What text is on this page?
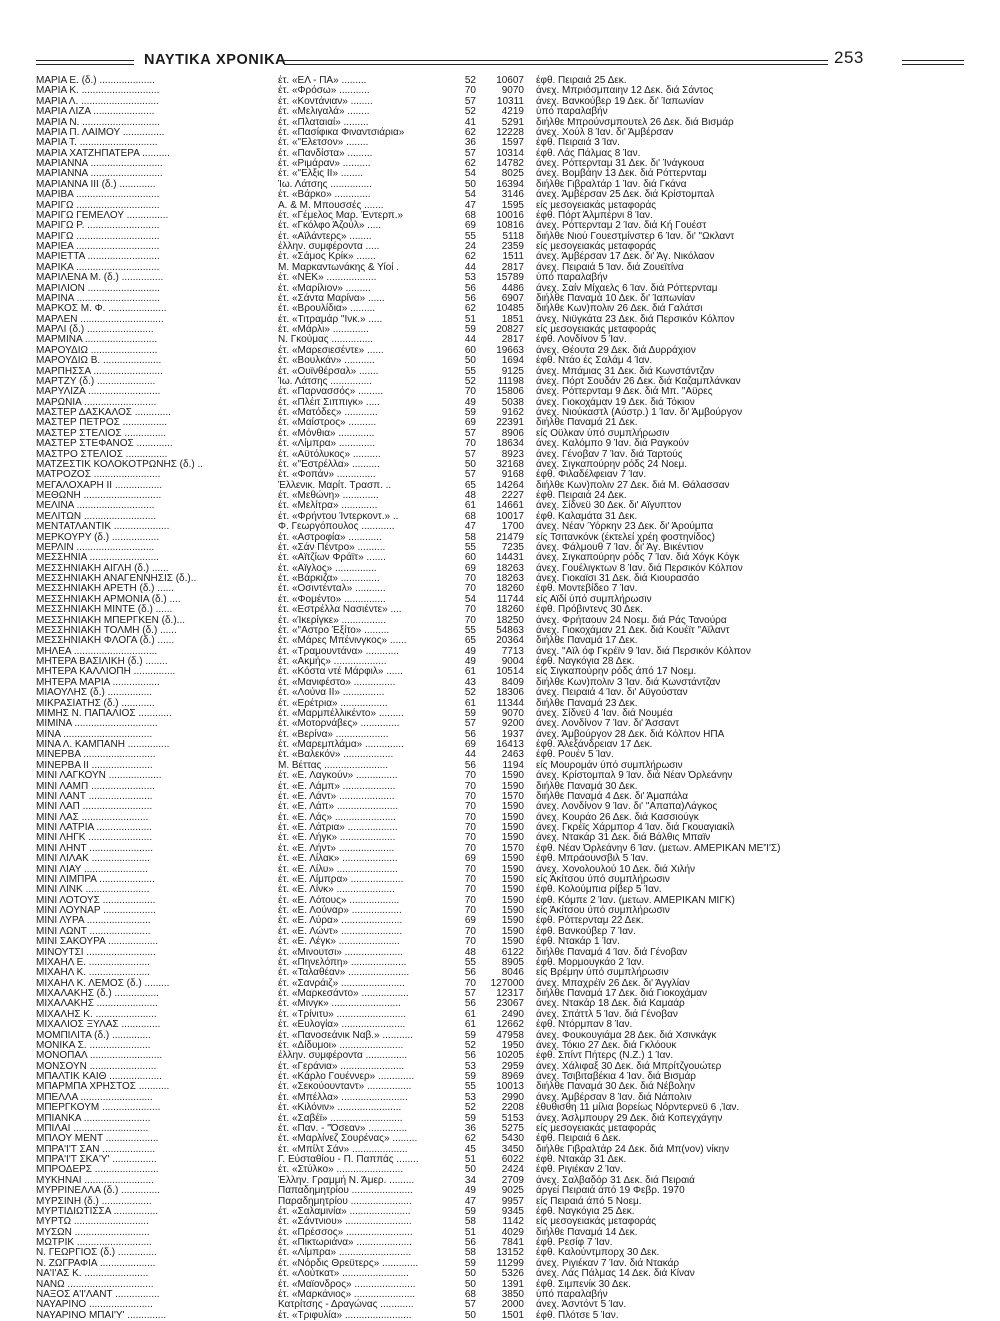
ΝΑΥΤΙΚΑ ΧΡΟΝΙΚΑ	253
ΜΑΡΙΑ Ε. (δ.) ....................	έτ. «ΕΛ - ΠΑ» .........	52	10607 έφθ. Πειραιά 25 Δεκ.
ΜΑΡΙΑ Κ. ............................	έτ. «Φρόσω» ...........	70	9070 άνεχ. Μπριόσμπαιην 12 Δεκ. διά Σάντος
ΜΑΡΙΑ Λ. ............................	έτ. «Κοντάνιαν» ........	57	10311 άνεχ. Βανκούβερ 19 Δεκ. δι' Ίαπωνίαν
ΜΑΡΙΑ ΛΙΖΑ ......................	έτ. «Μελιγαλά» ........	52	4219 ύπό παραλαβήν
ΜΑΡΙΑ Ν. ............................	έτ. «Πλαταιαί» .........	41	5291 διήλθε Μπρούνσμπουτελ 26 Δεκ. διά Βισμάρ
ΜΑΡΙΑ Π. ΛΑΙΜΟΥ ...............	έτ. «Πασίφικα Φιναντσιάρια»	62	12228 άνεχ. Χούλ 8 Ίαν. δι' Άμβέρσαν
ΜΑΡΙΑ Τ. ............................	έτ. «"Ελετσον» ........	36	1597 έφθ. Πειραιά 3 Ίαν.
ΜΑΡΙΑ ΧΑΤΖΗΠΑΤΕΡΑ ..........	έτ. «Πανδίστα» .........	57	10314 έφθ. Λάς Πάλμας 8 Ίαν.
ΜΑΡΙΑΝΝΑ ..........................	έτ. «Ριμάραν» ..........	62	14782 άνεχ. Ρόττερνταμ 31 Δεκ. δι' Ίνάγκουα
ΜΑΡΙΑΝΝΑ ..........................	έτ. «"Ελξις ΙΙ» ........	54	8025 άνεχ. Βομβάην 13 Δεκ. διά Ρόττερνταμ
ΜΑΡΙΑΝΝΑ ΙΙΙ (δ.) .............	Ίω. Λάτσης ...............	50	16394 διήλθε Γιβραλτάρ 1 Ίαν. διά Γκάνα
ΜΑΡΙΒΑ ..............................	έτ. «Βάρκο» .............	54	3146 άνεχ. Άμβέρσαν 25 Δεκ. διά Κρίστομπαλ
ΜΑΡΙΓΩ ..............................	Α. & Μ. Μπουσσές .......	47	1595 είς μεσογειακάς μεταφοράς
ΜΑΡΙΓΩ ΓΕΜΕΛΟΥ ...............	έτ. «Γέμελος Μαρ. Έντερπ.»	68	10016 έφθ. Πόρτ Άλμπέρνι 8 Ίαν.
ΜΑΡΙΓΩ Ρ. ..........................	έτ. «Γκόλφο Άζούλ» .....	69	10816 άνεχ. Ρόττερνταμ 2 Ίαν. διά Κή Γουέστ
ΜΑΡΙΓΩ ..............................	έτ. «Αϊλάντερς» ........	55	5118 διήλθε Νιού Γουεστμίνστερ 6 Ίαν. δι' "Ωκλαντ
ΜΑΡΙΕΑ ..............................	έλλην. συμφέροντα .....	24	2359 είς μεσογειακάς μεταφοράς
ΜΑΡΙΕΤΤΑ ..........................	έτ. «Σάμος Κρίκ» .......	62	1511 άνεχ. Άμβέρσαν 17 Δεκ. δι' Άγ. Νικόλαον
ΜΑΡΙΚΑ ..............................	Μ. Μαρκαντωνάκης & Υίοί .	44	2817 άνεχ. Πειραιά 5 Ίαν. διά Ζουεϊτίνα
ΜΑΡΙΛΕΝΑ Μ. (δ.) ...............	έτ. «ΝΕΚ» ..................	53	15789 ύπό παραλαβήν
ΜΑΡΙΛΙΟΝ ..........................	έτ. «Μαρίλιον» .........	56	4486 άνεχ. Σαίν Μίχαελς 6 Ίαν. διά Ρόττερνταμ
ΜΑΡΙΝΑ ..............................	έτ. «Σάντα Μαρίνα» ......	56	6907 διήλθε Παναμά 10 Δεκ. δι' Ίαπωνίαν
ΜΑΡΚΟΣ Μ. Φ. .....................	έτ. «Βρουλίδια» .........	62	10485 διήλθε Κων)πολιν 26 Δεκ. διά Γαλάτσι
ΜΑΡΛΕΝ ..............................	έτ. «Τιτραμάρ "Ινκ.» .....	51	1851 άνεχ. Νιϋγκάτα 23 Δεκ. διά Περσικόν Κόλπον
ΜΑΡΛΙ (δ.) ........................	έτ. «Μάρλι» .............	59	20827 είς μεσογειακάς μεταφοράς
ΜΑΡΜΙΝΑ ..........................	Ν. Γκούμας ...............	44	2817 έφθ. Λονδίνον 5 Ίαν.
ΜΑΡΟΥΔΙΩ ........................	έτ. «Μαρεσιεσέντε» ......	60	19663 άνεχ. Θέουτα 29 Δεκ. διά Δυρράχιον
ΜΑΡΟΥΔΙΩ Β. .....................	έτ. «Βουλκάν» ...........	50	1694 έφθ. Ντάο ές Σαλάμ 4 Ίαν.
ΜΑΡΠΗΣΣΑ .........................	έτ. «Ουϊνθέρσαλ» .......	55	9125 άνεχ. Μπάμιας 31 Δεκ. διά Κωνστάντζαν
ΜΑΡΤΖΥ (δ.) .....................	Ίω. Λάτσης ...............	52	11198 άνεχ. Πόρτ Σουδάν 26 Δεκ. διά Καζαμπλάνκαν
ΜΑΡΥΛΙΖΑ ..........................	έτ. «Παρνασσός» .........	70	15806 άνεχ. Ρόττερνταμ 9 Δεκ. διά Μπ. "Αϋρες
ΜΑΡΩΝΙΑ ..........................	έτ. «Πλέιτ Σιππιγκ» .....	49	5038 άνεχ. Γιοκοχάμαν 19 Δεκ. διά Τόκιον
ΜΑΣΤΕΡ ΔΑΣΚΑΛΟΣ .............	έτ. «Ματόδες» ............	59	9162 άνεχ. Νιούκαστλ (Αύστρ.) 1 Ίαν. δι' Άμβούργον
ΜΑΣΤΕΡ ΠΕΤΡΟΣ ................	έτ. «Μαίστρος» ..........	69	22391 διήλθε Παναμά 21 Δεκ.
ΜΑΣΤΕΡ ΣΤΕΛΙΟΣ ...............	έτ. «Μόνθια» .............	57	8906 είς Οϋλκαν ύπό συμπλήρωσιν
ΜΑΣΤΕΡ ΣΤΕΦΑΝΟΣ .............	έτ. «Λίμπρα» .............	70	18634 άνεχ. Καλόμπο 9 Ίαν. διά Ραγκούν
ΜΑΣΤΡΟ ΣΤΕΛΙΟΣ ...............	έτ. «Αϋτόλυκος» ..........	57	8923 άνεχ. Γένοβαν 7 Ίαν. διά Ταρτούς
ΜΑΤΖΕΣΤΙΚ ΚΟΛΟΚΟΤΡΩΝΗΣ (δ.) ..	έτ. «"Εστρέλλα» ..........	50	32168 άνεχ. Σιγκαπούρην ρόδς 24 Νοεμ.
ΜΑΤΡΟΖΟΣ ........................	έτ. «Φοπάν» ..............	57	9168 έφθ. Φιλαδέλφειαν 7 Ίαν.
ΜΕΓΑΛΟΧΑΡΗ ΙΙ .................	Έλλενικ. Μαρίτ. Τρασπ. ..	65	14264 διήλθε Κων)πολιν 27 Δεκ. διά Μ. Θάλασσαν
ΜΕΘΩΝΗ ............................	έτ. «Μεθώνη» .............	48	2227 έφθ. Πειραιά 24 Δεκ.
ΜΕΛΙΝΑ ............................	έτ. «Μελίτρα» .............	61	14661 άνεχ. Σίδνεϋ 30 Δεκ. δι' Αϊγυπτον
ΜΕΛΙΤΩΝ ..........................	έτ. «Φρήντου Ίντερκοντ.» ..	68	10017 έφθ. Καλαμάτα 31 Δεκ.
ΜΕΝΤΑΤΛΑΝΤΙΚ ....................	Φ. Γεωργόπουλος ............	47	1700 άνεχ. Νέαν Ύόρκην 23 Δεκ. δι' Άρούμπα
ΜΕΡΚΟΥΡΥ (δ.) .................	έτ. «Αστροφία» ............	58	21479 είς Τσιτανκόνκ (έκτελεί χρέη φοστηνίδος)
ΜΕΡΛΙΝ ............................	έτ. «Σάν Πέντρο» ..........	55	7235 άνεχ. Φάλμουθ 7 Ίαν. δι' Άγ. Βικέντιον
ΜΕΣΣΗΝΙΑ .........................	έτ. «Αϊτζίων Φράϊτ» .......	60	14431 άνεχ. Σιγκαπούρην ρόδς 7 Ίαν. διά Χόγκ Κόγκ
ΜΕΣΣΗΝΙΑΚΗ ΑΙΓΛΗ (δ.) ......	έτ. «Αϊγλος» ...............	69	18263 άνεχ. Γουέλιγκτων 8 Ίαν. διά Περσικόν Κόλπον
ΜΕΣΣΗΝΙΑΚΗ ΑΝΑΓΕΝΝΗΣΙΣ (δ.)..	έτ. «Βάρκιζα» ..............	70	18263 άνεχ. Γιοκαϊσι 31 Δεκ. διά Κιουρασάο
ΜΕΣΣΗΝΙΑΚΗ ΑΡΕΤΗ (δ.) ......	έτ. «Οσιντένταλ» ...........	70	18260 έφθ. Μοντεβίδεο 7 Ίαν.
ΜΕΣΣΗΝΙΑΚΗ ΑΡΜΟΝΙΑ (δ.) ....	έτ. «Φομέντο» ...............	54	11744 είς Αϊδί ύπό συμπλήρωσιν
ΜΕΣΣΗΝΙΑΚΗ ΜΙΝΤΕ (δ.) ......	έτ. «Εστρέλλα Νασιέντε» ....	70	18260 έφθ. Πρόβιντενς 30 Δεκ.
ΜΕΣΣΗΝΙΑΚΗ ΜΠΕΡΓΚΕΝ (δ.)...	έτ. «Ίκερίγκε» ................	70	18250 άνεχ. Φρήταουν 24 Νοεμ. διά Ράς Τανούρα
ΜΕΣΣΗΝΙΑΚΗ ΤΟΛΜΗ (δ.) ......	έτ. «"Αστρο Έξίτο» .........	55	54863 άνεχ. Γιοκοχάμαν 21 Δεκ. διά Κουέϊτ "Αϊλαντ
ΜΕΣΣΗΝΙΑΚΗ ΦΛΟΓΑ (δ.) ......	έτ. «Μάρες Μπένινγκος» ......	65	20364 διήλθε Παναμά 17 Δεκ.
ΜΗΛΕΑ ..............................	έτ. «Τραμουντάνα» ............	49	7713 άνεχ. "Αϊλ όφ Γκρέϊν 9 Ίαν. διά Περσικόν Κόλπον
ΜΗΤΕΡΑ ΒΑΣΙΛΙΚΗ (δ.) ........	έτ. «Ακμής» ...................	49	9004 έφθ. Ναγκόγια 28 Δεκ.
ΜΗΤΕΡΑ ΚΑΛΛΙΟΠΗ ...............	έτ. «Κόστα ντέ Μάρφιλ» ......	61	10514 είς Σιγκαπούρην ρόδς άπό 17 Νοεμ.
ΜΗΤΕΡΑ ΜΑΡΙΑ .................	έτ. «Μανιφέστο» ...............	43	8409 διήλθε Κων)πολιν 3 Ίαν. διά Κωνστάντζαν
ΜΙΑΟΥΛΗΣ (δ.) ................	έτ. «Λούνα ΙΙ» ...............	52	18306 άνεχ. Πειραιά 4 Ίαν. δι' Αϋγούσταν
ΜΙΚΡΑΣΙΑΤΗΣ (δ.) ............	έτ. «Ερέτρια» .................	61	11344 διήλθε Παναμά 23 Δεκ.
ΜΙΜΗΣ Ν. ΠΑΠΑΛΙΟΣ ............	έτ. «Μαρμπέλλικέντο» .........	59	9070 άνεχ. Σίδνεϋ 4 Ίαν. διά Νουμέα
ΜΙΜΙΝΑ ..............................	έτ. «Μοτορνάβες» ..............	57	9200 άνεχ. Λονδίνον 7 Ίαν. δι' Άσσαντ
ΜΙΝΑ ................................	έτ. «Βερίνα» ...................	56	1937 άνεχ. Άμβούργον 28 Δεκ. διά Κόλπον ΗΠΑ
ΜΙΝΑ Λ. ΚΑΜΠΑΝΗ ...............	έτ. «Μαρεμπλάμα» ..............	69	16413 έφθ. Άλεξάνδρειαν 17 Δεκ.
ΜΙΝΕΡΒΑ ..........................	έτ. «Βαλεκόν» ..................	44	2463 έφθ. Ρουέν 5 Ίαν.
ΜΙΝΕΡΒΑ ΙΙ ......................	Μ. Βέττας .......................	56	1194 είς Μουρομάν ύπό συμπλήρωσιν
ΜΙΝΙ ΛΑΓΚΟΥΝ ...................	έτ. «Ε. Λαγκούν» ...............	70	1590 άνεχ. Κρίστομπαλ 9 Ίαν. διά Νέαν Όρλεάνην
ΜΙΝΙ ΛΑΜΠ .......................	έτ. «Ε. Λάμπ» ...................	70	1590 διήλθε Παναμά 30 Δεκ.
ΜΙΝΙ ΛΑΝΤ .......................	έτ. «Ε. Λάντ» ....................	70	1570 διήλθε Παναμά 4 Δεκ. δι' Άμαπάλα
ΜΙΝΙ ΛΑΠ .........................	έτ. «Ε. Λάπ» ......................	70	1590 άνεχ. Λονδίνον 9 Ίαν. δι' "Απαπα)Λάγκος
ΜΙΝΙ ΛΑΣ ........................	έτ. «Ε. Λάς» ......................	70	1590 άνεχ. Κουράο 26 Δεκ. διά Κασσιούγκ
ΜΙΝΙ ΛΑΤΡΙΑ ....................	έτ. «Ε. Λάτρια» ..................	70	1590 άνεχ. Γκρέϊς Χάρμπορ 4 Ίαν. διά Γκουαγιακίλ
ΜΙΝΙ ΛΗΓΚ .......................	έτ. «Ε. Λήγκ» ....................	70	1590 άνεχ. Ντακάρ 31 Δεκ. διά Βάλθις Μπαϊν
ΜΙΝΙ ΛΗΝΤ .......................	έτ. «Ε. Λήντ» ....................	70	1570 έφθ. Νέαν Όρλεάνην 6 Ίαν. (μετων. ΑΜΕΡΙΚΑΝ ΜΕ'Ί'Σ)
ΜΙΝΙ ΛΙΛΑΚ .....................	έτ. «Ε. Λίλακ» ....................	69	1590 έφθ. Μπράουνσβιλ 5 Ίαν.
ΜΙΝΙ ΛΙΑΥ .......................	έτ. «Ε. Λίλυ» ......................	70	1590 άνεχ. Χονολουλού 10 Δεκ. διά Χιλήν
ΜΙΝΙ ΛΙΜΠΡΑ ....................	έτ. «Ε. Λίμπρα» ...................	70	1590 είς Άκίτσου ύπό συμπλήρωσιν
ΜΙΝΙ ΛΙΝΚ .......................	έτ. «Ε. Λίνκ» .....................	70	1590 έφθ. Κολούμπια ρίβερ 5 Ίαν.
ΜΙΝΙ ΛΟΤΟΥΣ ...................	έτ. «Ε. Λότους» ..................	70	1590 έφθ. Κόμπε 2 Ίαν. (μετων. ΑΜΕΡΙΚΑΝ ΜΙΓΚ)
ΜΙΝΙ ΛΟΥΝΑΡ ...................	έτ. «Ε. Λούναρ» ..................	70	1590 είς Άκίτσου ύπό συμπλήρωσιν
ΜΙΝΙ ΛΥΡΑ .......................	έτ. «Ε. Λύρα» ......................	69	1590 έφθ. Ρόττερνταμ 22 Δεκ.
ΜΙΝΙ ΛΩΝΤ ......................	έτ. «Ε. Λώντ» ......................	70	1590 έφθ. Βανκούβερ 7 Ίαν.
ΜΙΝΙ ΣΑΚΟΥΡΑ ..................	έτ. «Ε. Λέγκ» ......................	70	1590 έφθ. Ντακάρ 1 Ίαν.
ΜΙΝΟΥΤΣΙ .........................	έτ. «Μινουτσι» .....................	48	6122 διήλθε Παναμά 4 Ίαν. διά Γένοβαν
ΜΙΧΑΗΛ Ε. ......................	έτ. «Πηνελόπη» ....................	55	8905 έφθ. Μορμουγκάο 2 Ίαν.
ΜΙΧΑΗΛ Κ. ......................	έτ. «Ταλαθέαν» ......................	56	8046 είς Βρέμην ύπό συμπλήρωσιν
ΜΙΧΑΗΛ Κ. ΛΕΜΟΣ (δ.) .........	έτ. «Σανράιζ» .......................	70	127000 άνεχ. Μπαχρέϊν 26 Δεκ. δι' Άγγλίαν
ΜΙΧΑΛΑΚΗΣ (δ.) ................	έτ. «Μαρκεσάντο» .................	57	12317 διήλθε Παναμά 17 Δεκ. διά Γιοκοχάμαν
ΜΙΧΑΛΑΚΗΣ ......................	έτ. «Μινγκ» .........................	56	23067 άνεχ. Ντακάρ 18 Δεκ. διά Καμαάρ
ΜΙΧΑΛΗΣ Κ. ......................	έτ. «Τρίνιτυ» .........................	61	2490 άνεχ. Σπάττλ 5 Ίαν. διά Γένοβαν
ΜΙΧΑΛΙΟΣ ΞΥΛΑΣ ..............	έτ. «Ευλογία» .......................	61	12662 έφθ. Ντόρμπαν 8 Ίαν.
ΜΟΜΠΙΛΙΤΑ (δ.) ..............	έτ. «Πανοσεάνικ Ναβ.» ...........	59	47958 άνεχ. Φουκουγιάμα 28 Δεκ. διά Χσινκάγκ
ΜΟΝΙΚΑ Σ. ......................	έτ. «Δίδυμοι» .......................	52	1950 άνεχ. Τόκιο 27 Δεκ. διά Γκλόουκ
ΜΟΝΟΠΑΛ ..........................	έλλην. συμφέροντα ...............	56	10205 έφθ. Σπίντ Πήτερς (Ν.Ζ.) 1 Ίαν.
ΜΟΝΣΟΥΝ ........................	έτ. «Γεράνια» .......................	53	2959 άνεχ. Χάλιφαξ 30 Δεκ. διά Μπρίτζγουώτερ
ΜΠΑΛΤΙΚ ΚΑΙΘ ...................	έτ. «Κάρλο Γουέννερ» .............	59	8969 άνεχ. Τσιβιταβέκια 4 Ίαν. διά Βισμάρ
ΜΠΑΡΜΠΑ ΧΡΗΣΤΟΣ ...........	έτ. «Σεκούουνταντ» ................	55	10013 διήλθε Παναμά 30 Δεκ. διά Νέβολην
ΜΠΕΛΛΑ ..........................	έτ. «Μπέλλα» ........................	53	2990 άνεχ. Άμβέρσαν 8 Ίαν. διά Νάπολιν
ΜΠΕΡΓΚΟΥΜ .....................	έτ. «Κιλόνιν» .......................	52	2208 έθυθισθη 11 μίλια βορείως Νόρντερνεϋ 6 ,Ίαν.
ΜΠΙΑΝΚΑ ........................	έτ. «Σαβέϊ» ..........................	59	5153 άνεχ. Άσλμπουργ 29 Δεκ. διά Κοπεγχάγην
ΜΠΙΛΑΙ ...........................	έτ. «Παν. - "Όσεαν» ..............	36	5275 είς μεσογειακάς μεταφοράς
ΜΠΛΟΥ ΜΕΝΤ ...................	έτ. «Μαρλίνεζ Σουρένας» .........	62	5430 έφθ. Πειραιά 6 Δεκ.
ΜΠΡΑ'Ι'Τ ΣΑΝ ...................	έτ. «Μπίλτ Σάν» ....................	45	3450 διήλθε Γιβραλτάρ 24 Δεκ. διά Μπ(νον) νίκην
ΜΠΡΑ'Ι'Τ ΣΚΑ'Υ' ................	Γ. Εύσταθίου - Π. Παππάς ........	51	6022 έφθ. Ντακάρ 31 Δεκ.
ΜΠΡΟΔΕΡΣ .......................	έτ. «Στύλκο» ........................	50	2424 έφθ. Ριγιέκαν 2 Ίαν.
ΜΥΚΗΝΑΙ .........................	Έλλην. Γραμμή Ν. Άμερ. .........	34	2709 άνεχ. Σαλβαδόρ 31 Δεκ. διά Πειραιά
ΜΥΡΡΙΝΕΛΛΑ (δ.) ..............	Παπαδημητρίου ......................	49	9025 άργεί Πειραιά άπό 19 Φεβρ. 1970
ΜΥΡΣΙΝΗ (δ.) ..................	Παραδημητρίου ......................	47	9957 είς Πειραιά άπό 5 Νοεμ.
ΜΥΡΤΙΔΙΩΤΙΣΣΑ ................	έτ. «Σαλαμινία» ......................	59	9345 έφθ. Ναγκόγια 25 Δεκ.
ΜΥΡΤΩ ...........................	έτ. «Σάντνιου» ........................	58	1142 είς μεσογειακάς μεταφοράς
ΜΥΣΩΝ ...........................	έτ. «Πρέσσος» ........................	51	4029 διήλθε Παναμά 14 Δεκ.
ΜΩΤΡΙΚ ...........................	έτ. «Πικτωριάνα» ....................	56	7841 έφθ. Ρεσίφ 7 Ίαν.
Ν. ΓΕΩΡΓΙΟΣ (δ.) ..............	έτ. «Λίμπρα» ..........................	58	13152 έφθ. Καλούντμπορχ 30 Δεκ.
Ν. ΖΩΓΡΑΦΙΑ ....................	έτ. «Νόρδις Θρεϋτερς» .............	59	11299 άνεχ. Ριγιέκαν 7 Ίαν. διά Ντακάρ
ΝΑ'Ι'ΑΣ Κ. .......................	έτ. «Λούτκατ» ........................	50	5326 άνεχ. Λάς Πάλμας 14 Δεκ. διά Κίναν
ΝΑΝΩ ...............................	έτ. «Μαϊονδρος» ......................	50	1391 έφθ. Σιμπενίκ 30 Δεκ.
ΝΑΞΟΣ Α'Ι'ΛΑΝΤ ................	έτ. «Μαρκάνιος» ......................	68	3850 ύπό παραλαβήν
ΝΑΥΑΡΙΝΟ .......................	Κατρίτσης - Δραγώνας ............	57	2000 άνεχ. Άσντόντ 5 Ίαν.
ΝΑΥΑΡΙΝΟ ΜΠΑΙ'Υ' ..............	έτ. «Τριφυλία» ........................	50	1501 έφθ. Πλότσε 5 Ίαν.
